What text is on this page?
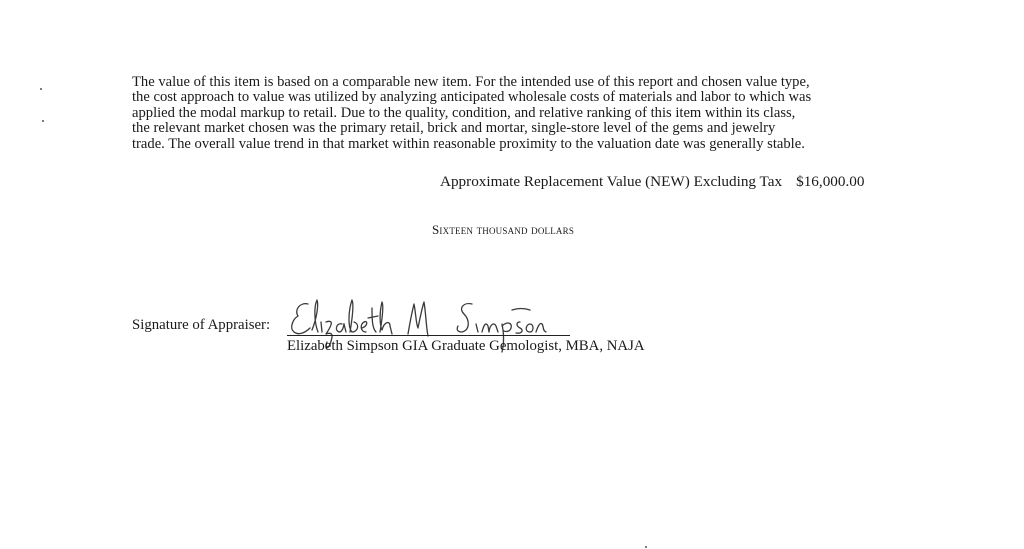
The value of this item is based on a comparable new item. For the intended use of this report and chosen value type,
the cost approach to value was utilized by analyzing anticipated wholesale costs of materials and labor to which was
applied the modal markup to retail. Due to the quality, condition, and relative ranking of this item within its class,
the relevant market chosen was the primary retail, brick and mortar, single-store level of the gems and jewelry
trade. The overall value trend in that market within reasonable proximity to the valuation date was generally stable.

Approximate Replacement Value (NEW) Excluding Tax $16,000.00
Sixteen thousand dollars
Signature of Appraiser:
Elizabeth Simpson GIA Graduate Gemologist, MBA, NAJA
